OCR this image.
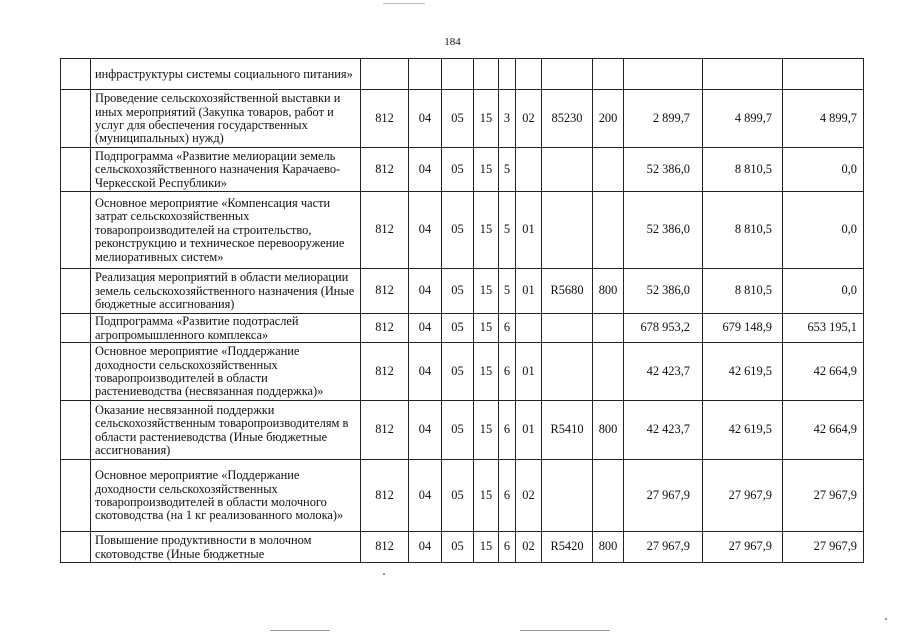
184
	инфраструктуры системы социального питания»											
	Проведение сельскохозяйственной выставки и иных мероприятий (Закупка товаров, работ и услуг для обеспечения государственных (муниципальных) нужд)	812	04	05	15	3	02	85230	200	2 899,7	4 899,7	4 899,7
	Подпрограмма «Развитие мелиорации земель сельскохозяйственного назначения Карачаево-Черкесской Республики»	812	04	05	15	5				52 386,0	8 810,5	0,0
	Основное мероприятие «Компенсация части затрат сельскохозяйственных товаропроизводителей на строительство, реконструкцию и техническое перевооружение мелиоративных систем»	812	04	05	15	5	01			52 386,0	8 810,5	0,0
	Реализация мероприятий в области мелиорации земель сельскохозяйственного назначения (Иные бюджетные ассигнования)	812	04	05	15	5	01	R5680	800	52 386,0	8 810,5	0,0
	Подпрограмма «Развитие подотраслей агропромышленного комплекса»	812	04	05	15	6				678 953,2	679 148,9	653 195,1
	Основное мероприятие «Поддержание доходности сельскохозяйственных товаропроизводителей в области растениеводства (несвязанная поддержка)»	812	04	05	15	6	01			42 423,7	42 619,5	42 664,9
	Оказание несвязанной поддержки сельскохозяйственным товаропроизводителям в области растениеводства (Иные бюджетные ассигнования)	812	04	05	15	6	01	R5410	800	42 423,7	42 619,5	42 664,9
	Основное мероприятие «Поддержание доходности сельскохозяйственных товаропроизводителей в области молочного скотоводства (на 1 кг реализованного молока)»	812	04	05	15	6	02			27 967,9	27 967,9	27 967,9
	Повышение продуктивности в молочном скотоводстве (Иные бюджетные	812	04	05	15	6	02	R5420	800	27 967,9	27 967,9	27 967,9
